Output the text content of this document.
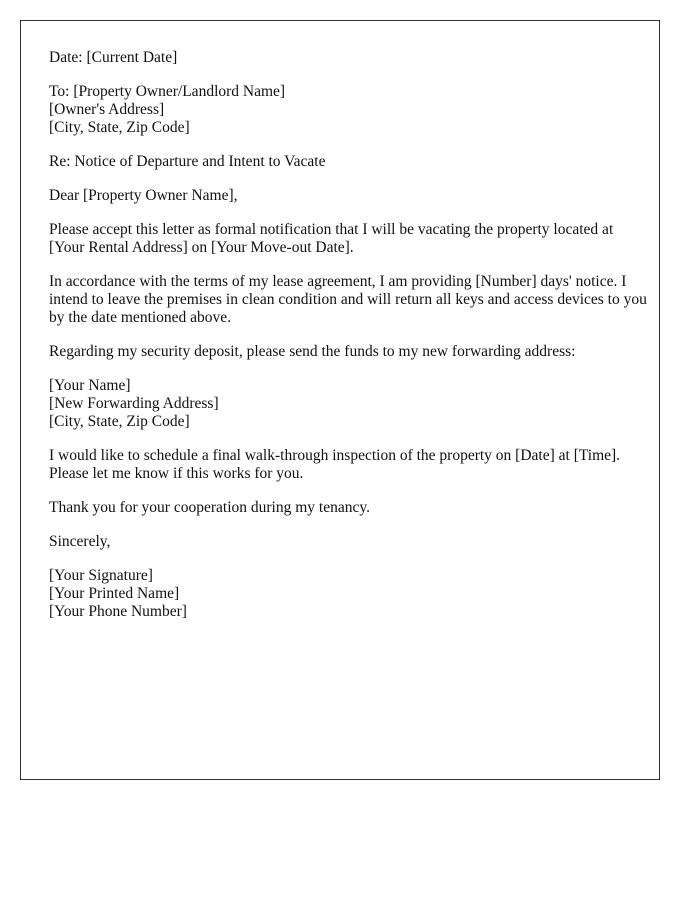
Date: [Current Date]

To: [Property Owner/Landlord Name]
[Owner's Address]
[City, State, Zip Code]

Re: Notice of Departure and Intent to Vacate

Dear [Property Owner Name],

Please accept this letter as formal notification that I will be vacating the property located at [Your Rental Address] on [Your Move-out Date].

In accordance with the terms of my lease agreement, I am providing [Number] days' notice. I intend to leave the premises in clean condition and will return all keys and access devices to you by the date mentioned above.

Regarding my security deposit, please send the funds to my new forwarding address:

[Your Name]
[New Forwarding Address]
[City, State, Zip Code]

I would like to schedule a final walk-through inspection of the property on [Date] at [Time]. Please let me know if this works for you.

Thank you for your cooperation during my tenancy.

Sincerely,

[Your Signature]
[Your Printed Name]
[Your Phone Number]
